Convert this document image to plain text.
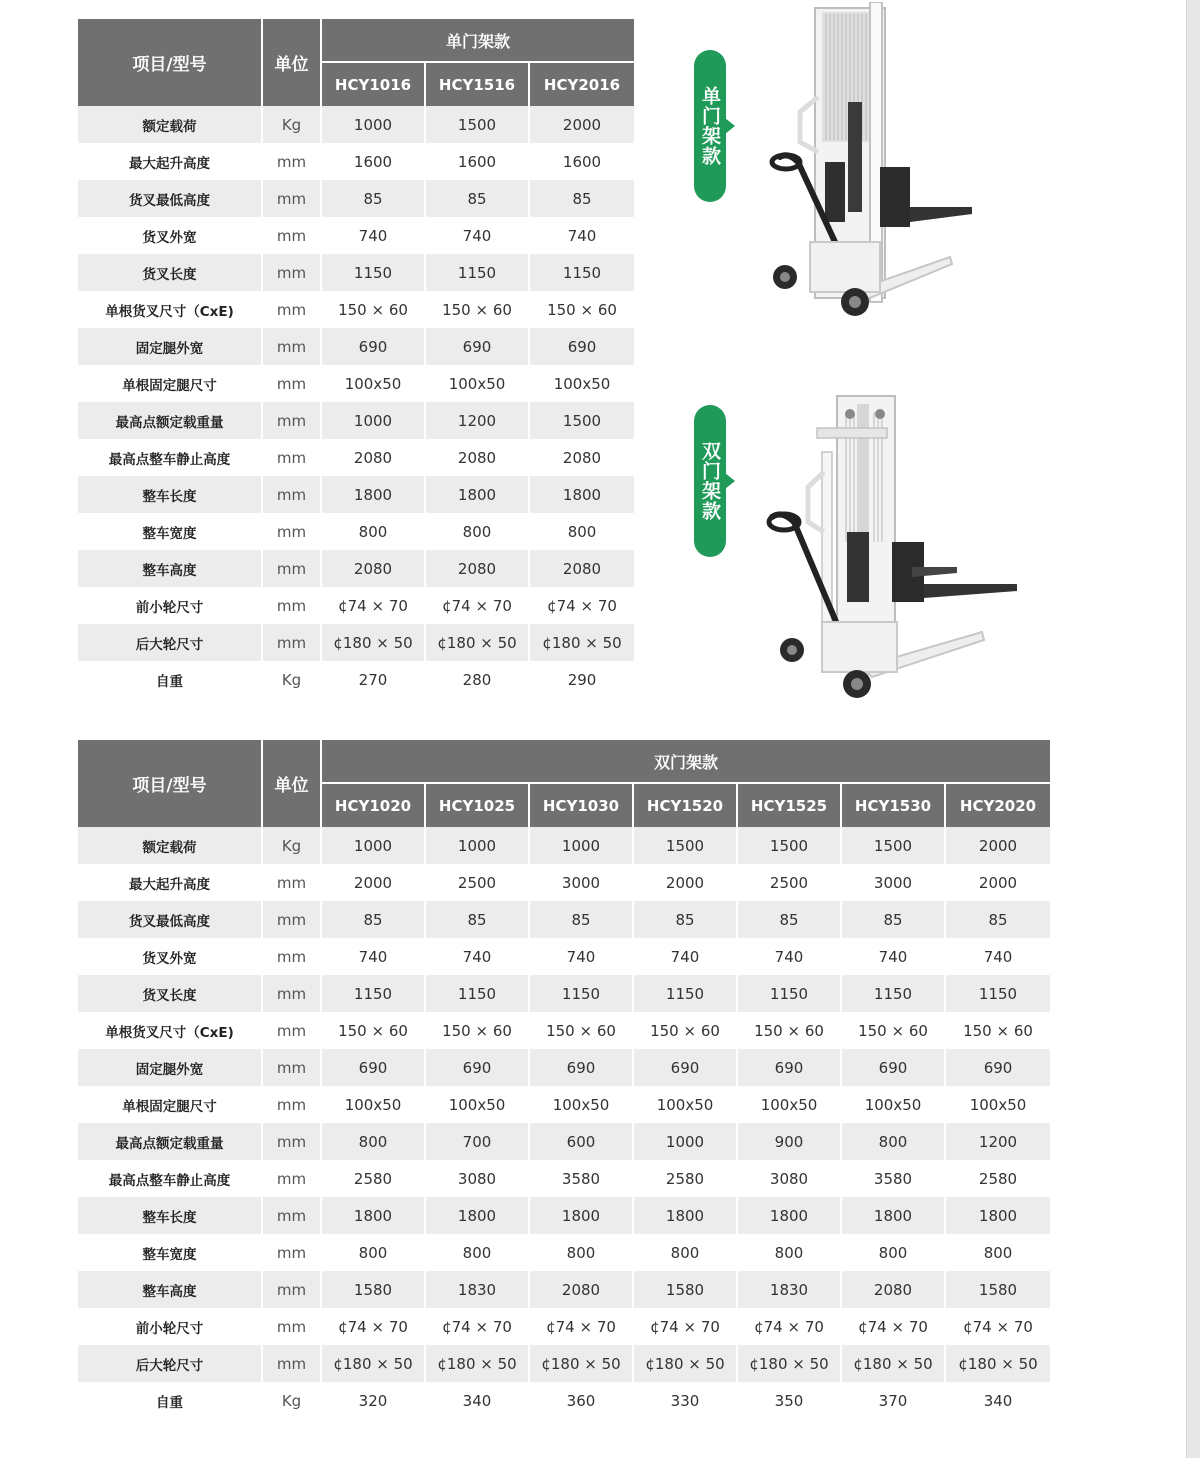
项目/型号	单位	单门架款		
		HCY1016	HCY1516	HCY2016
额定载荷	Kg	1000	1500	2000
最大起升高度	mm	1600	1600	1600
货叉最低高度	mm	85	85	85
货叉外宽	mm	740	740	740
货叉长度	mm	1150	1150	1150
单根货叉尺寸（CxE)	mm	150 × 60	150 × 60	150 × 60
固定腿外宽	mm	690	690	690
单根固定腿尺寸	mm	100x50	100x50	100x50
最高点额定载重量	mm	1000	1200	1500
最高点整车静止高度	mm	2080	2080	2080
整车长度	mm	1800	1800	1800
整车宽度	mm	800	800	800
整车高度	mm	2080	2080	2080
前小轮尺寸	mm	¢74 × 70	¢74 × 70	¢74 × 70
后大轮尺寸	mm	¢180 × 50	¢180 × 50	¢180 × 50
自重	Kg	270	280	290
项目/型号	单位	双门架款						
		HCY1020	HCY1025	HCY1030	HCY1520	HCY1525	HCY1530	HCY2020
额定载荷	Kg	1000	1000	1000	1500	1500	1500	2000
最大起升高度	mm	2000	2500	3000	2000	2500	3000	2000
货叉最低高度	mm	85	85	85	85	85	85	85
货叉外宽	mm	740	740	740	740	740	740	740
货叉长度	mm	1150	1150	1150	1150	1150	1150	1150
单根货叉尺寸（CxE)	mm	150 × 60	150 × 60	150 × 60	150 × 60	150 × 60	150 × 60	150 × 60
固定腿外宽	mm	690	690	690	690	690	690	690
单根固定腿尺寸	mm	100x50	100x50	100x50	100x50	100x50	100x50	100x50
最高点额定载重量	mm	800	700	600	1000	900	800	1200
最高点整车静止高度	mm	2580	3080	3580	2580	3080	3580	2580
整车长度	mm	1800	1800	1800	1800	1800	1800	1800
整车宽度	mm	800	800	800	800	800	800	800
整车高度	mm	1580	1830	2080	1580	1830	2080	1580
前小轮尺寸	mm	¢74 × 70	¢74 × 70	¢74 × 70	¢74 × 70	¢74 × 70	¢74 × 70	¢74 × 70
后大轮尺寸	mm	¢180 × 50	¢180 × 50	¢180 × 50	¢180 × 50	¢180 × 50	¢180 × 50	¢180 × 50
自重	Kg	320	340	360	330	350	370	340
单门架款
双门架款
